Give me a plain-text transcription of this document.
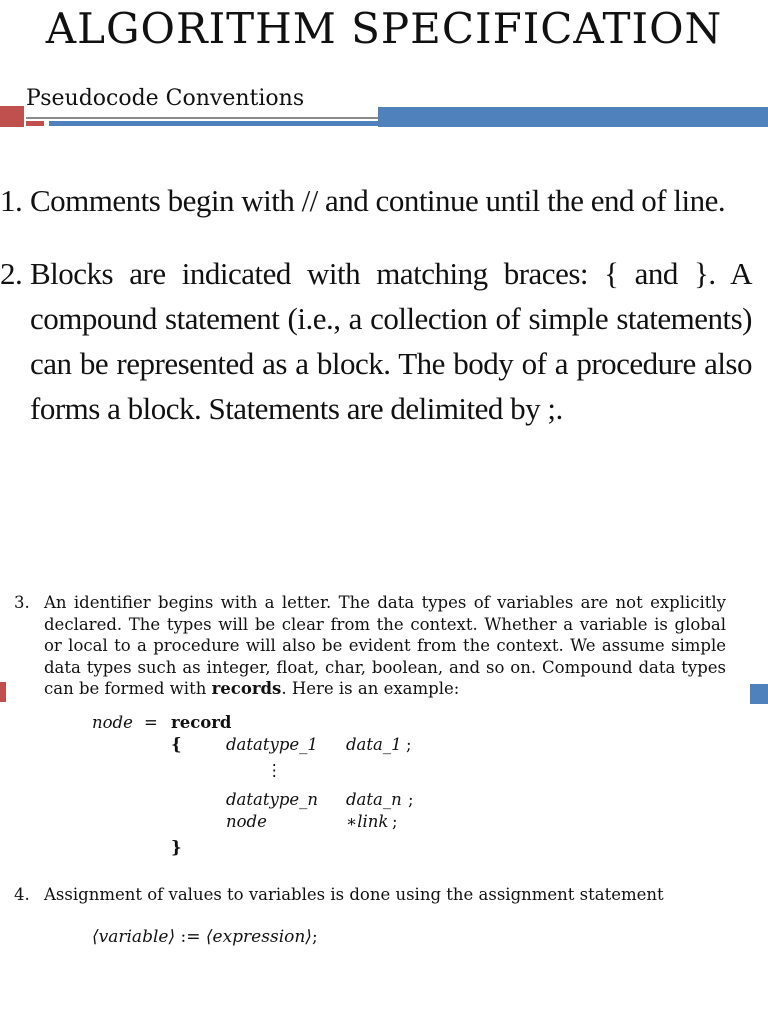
ALGORITHM SPECIFICATION
Pseudocode Conventions
1. Comments begin with // and continue until the end of line.
2. Blocks are indicated with matching braces: { and }. A compound statement (i.e., a collection of simple statements) can be represented as a block. The body of a procedure also forms a block. Statements are delimited by ;.
3. An identifier begins with a letter. The data types of variables are not explicitly declared. The types will be clear from the context. Whether a variable is global or local to a procedure will also be evident from the context. We assume simple data types such as integer, float, char, boolean, and so on. Compound data types can be formed with records. Here is an example:
node = record
{	datatype_1 data_1 ;
⋮
datatype_n data_n ;
node	∗link ;
}
4. Assignment of values to variables is done using the assignment statement
⟨variable⟩ := ⟨expression⟩;
